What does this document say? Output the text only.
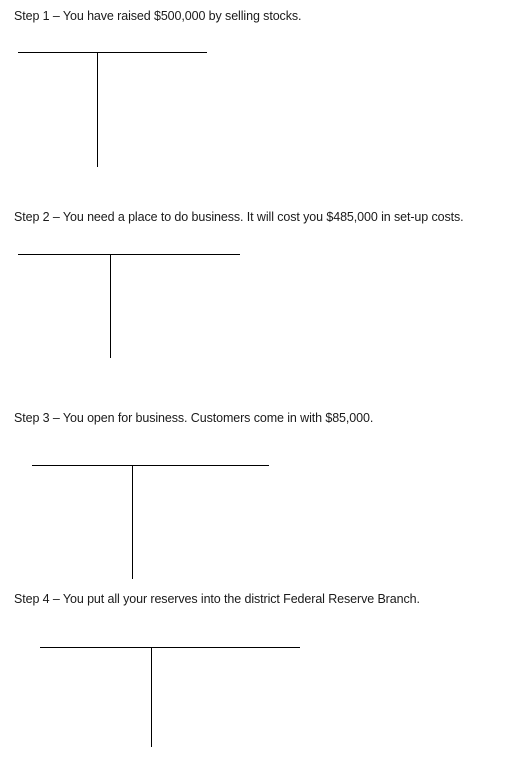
Step 1 – You have raised $500,000 by selling stocks.
Step 2 – You need a place to do business. It will cost you $485,000 in set-up costs.
Step 3 – You open for business. Customers come in with $85,000.
Step 4 – You put all your reserves into the district Federal Reserve Branch.
